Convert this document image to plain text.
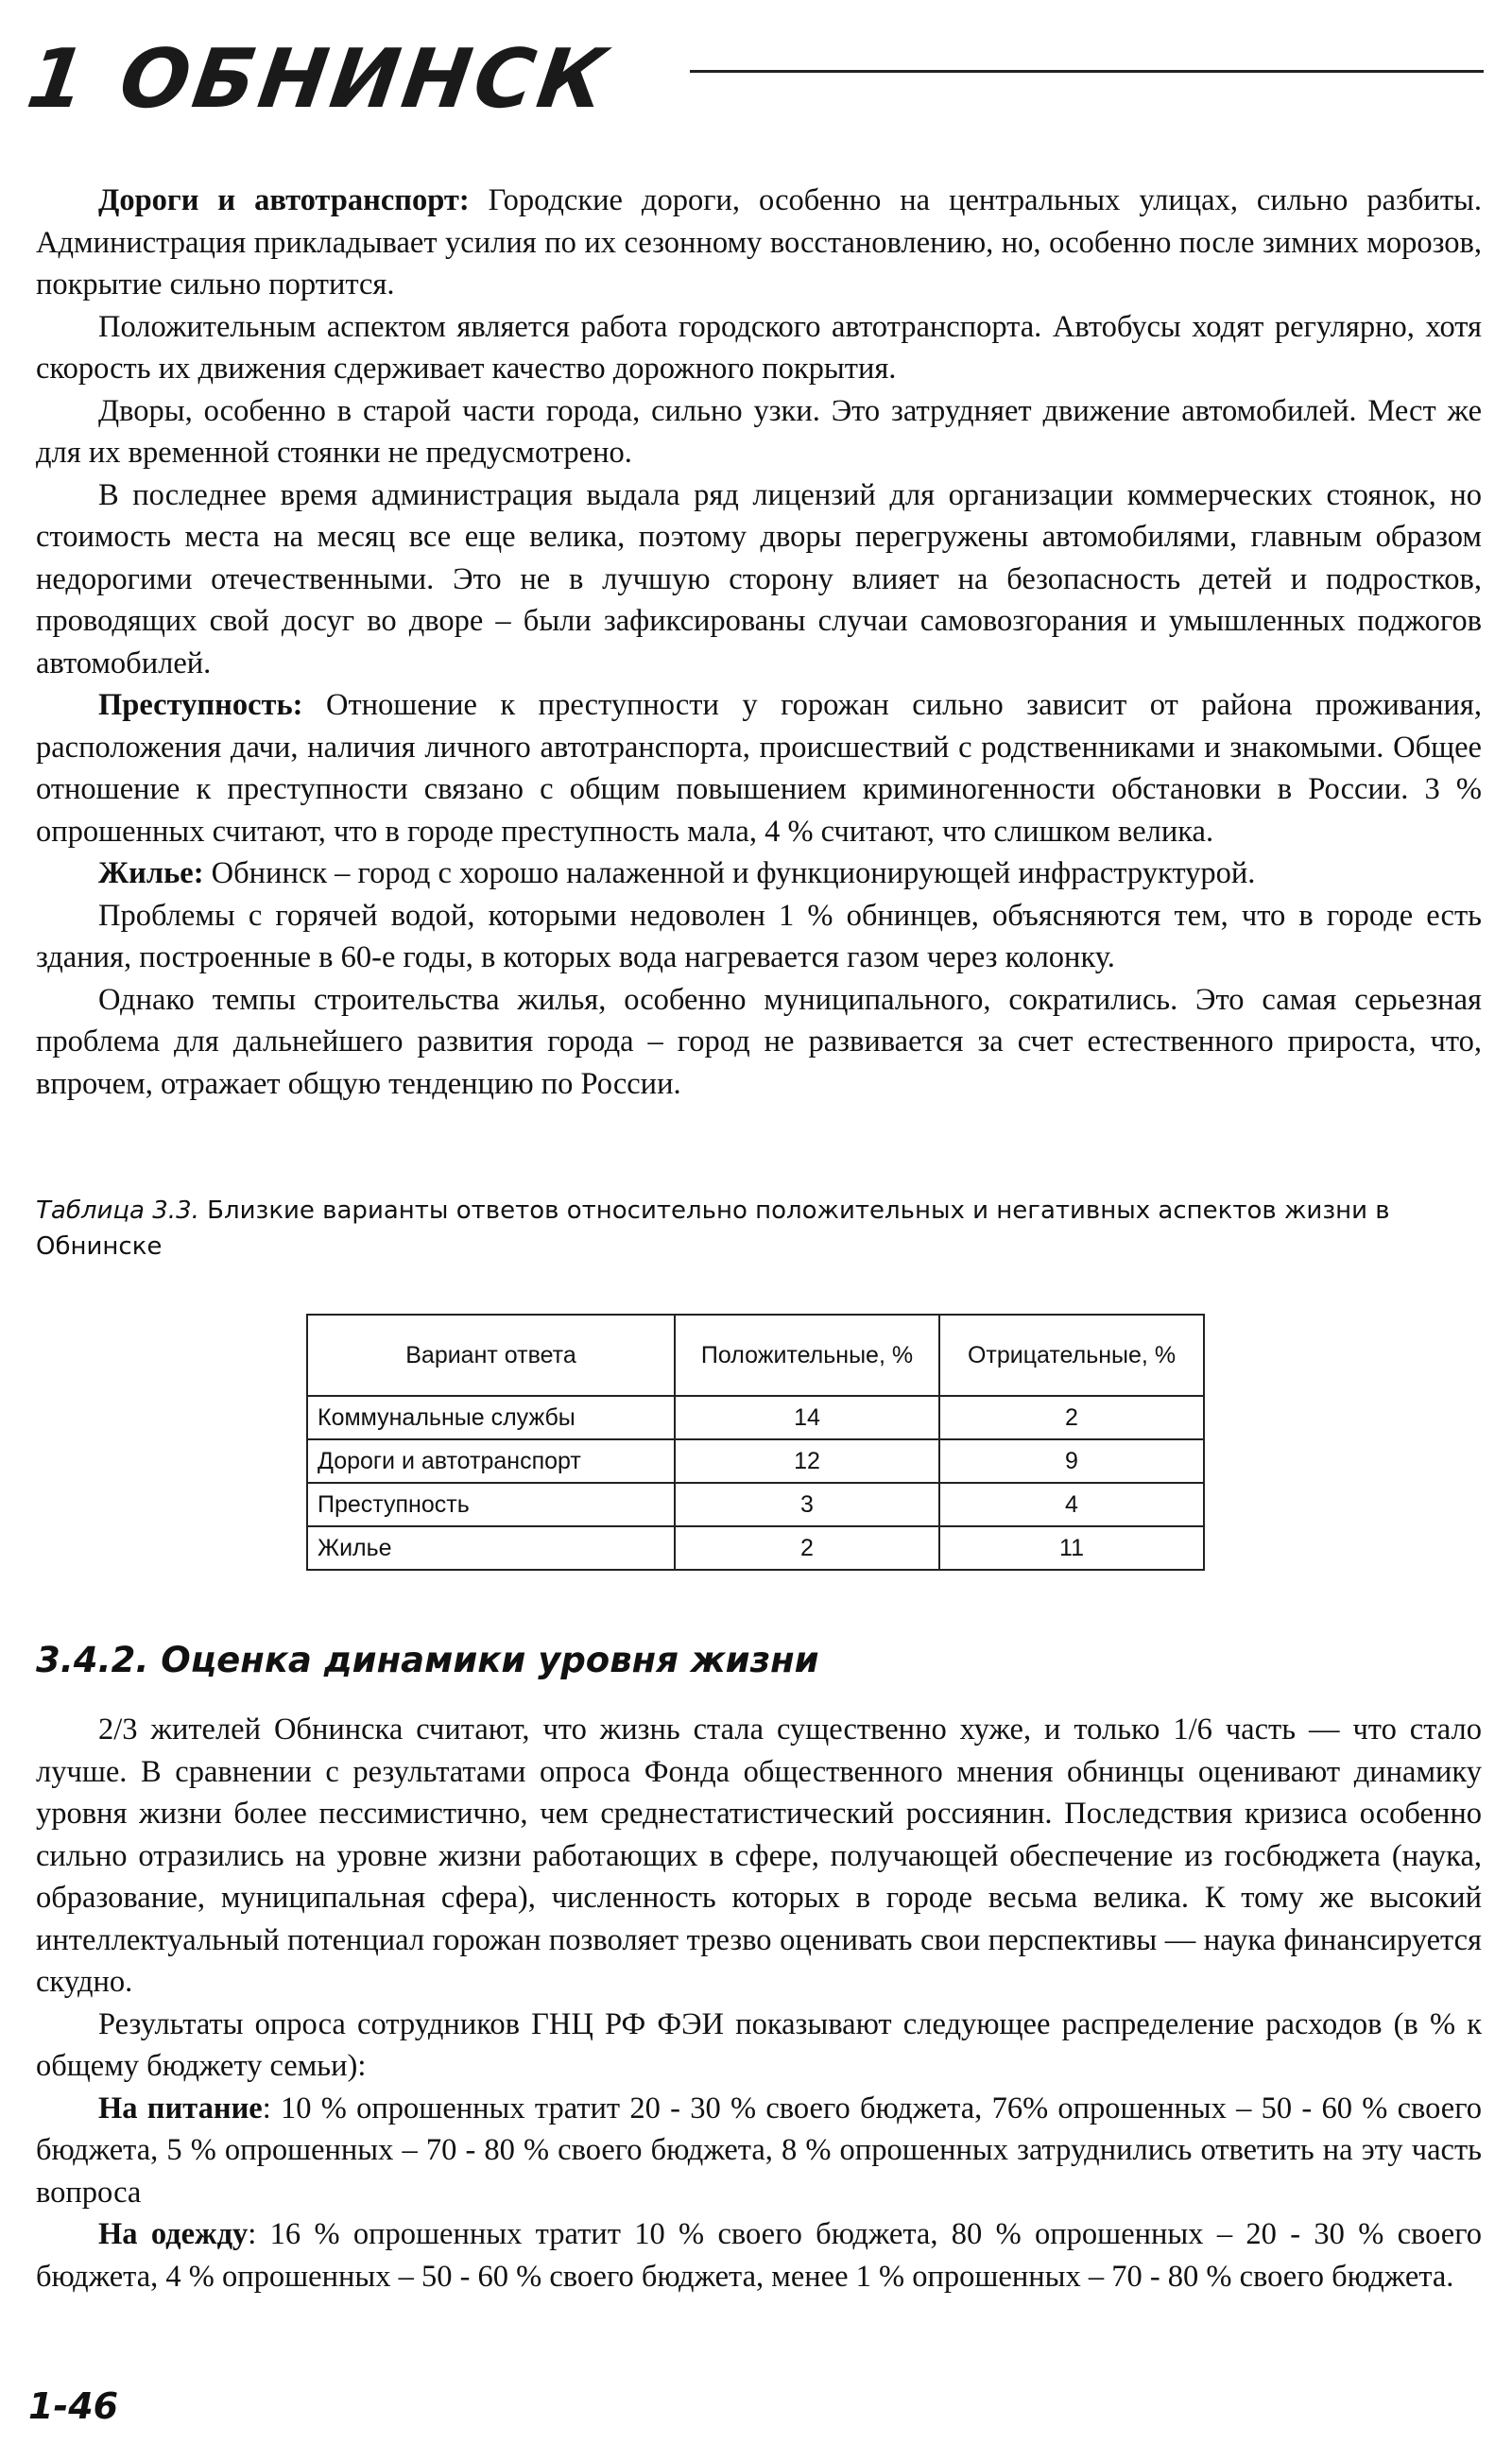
1 ОБНИНСК

Дороги и автотранспорт: Городские дороги, особенно на центральных улицах, сильно разбиты. Администрация прикладывает усилия по их сезонному восстановлению, но, особенно после зимних морозов, покрытие сильно портится.

Положительным аспектом является работа городского автотранспорта. Автобусы ходят регулярно, хотя скорость их движения сдерживает качество дорожного покрытия.

Дворы, особенно в старой части города, сильно узки. Это затрудняет движение автомобилей. Мест же для их временной стоянки не предусмотрено.

В последнее время администрация выдала ряд лицензий для организации коммерческих стоянок, но стоимость места на месяц все еще велика, поэтому дворы перегружены автомобилями, главным образом недорогими отечественными. Это не в лучшую сторону влияет на безопасность детей и подростков, проводящих свой досуг во дворе – были зафиксированы случаи самовозгорания и умышленных поджогов автомобилей.

Преступность: Отношение к преступности у горожан сильно зависит от района проживания, расположения дачи, наличия личного автотранспорта, происшествий с родственниками и знакомыми. Общее отношение к преступности связано с общим повышением криминогенности обстановки в России. 3 % опрошенных считают, что в городе преступность мала, 4 % считают, что слишком велика.

Жилье: Обнинск – город с хорошо налаженной и функционирующей инфраструктурой.

Проблемы с горячей водой, которыми недоволен 1 % обнинцев, объясняются тем, что в городе есть здания, построенные в 60-е годы, в которых вода нагревается газом через колонку.

Однако темпы строительства жилья, особенно муниципального, сократились. Это самая серьезная проблема для дальнейшего развития города – город не развивается за счет естественного прироста, что, впрочем, отражает общую тенденцию по России.

Таблица 3.3. Близкие варианты ответов относительно положительных и негативных аспектов жизни в Обнинске
Вариант ответа	Положительные, %	Отрицательные, %
Коммунальные службы	14	2
Дороги и автотранспорт	12	9
Преступность	3	4
Жилье	2	11
3.4.2. Оценка динамики уровня жизни

2/3 жителей Обнинска считают, что жизнь стала существенно хуже, и только 1/6 часть — что стало лучше. В сравнении с результатами опроса Фонда общественного мнения обнинцы оценивают динамику уровня жизни более пессимистично, чем среднестатистический россиянин. Последствия кризиса особенно сильно отразились на уровне жизни работающих в сфере, получающей обеспечение из госбюджета (наука, образование, муниципальная сфера), численность которых в городе весьма велика. К тому же высокий интеллектуальный потенциал горожан позволяет трезво оценивать свои перспективы — наука финансируется скудно.

Результаты опроса сотрудников ГНЦ РФ ФЭИ показывают следующее распределение расходов (в % к общему бюджету семьи):

На питание: 10 % опрошенных тратит 20 - 30 % своего бюджета, 76% опрошенных – 50 - 60 % своего бюджета, 5 % опрошенных – 70 - 80 % своего бюджета, 8 % опрошенных затруднились ответить на эту часть вопроса

На одежду: 16 % опрошенных тратит 10 % своего бюджета, 80 % опрошенных – 20 - 30 % своего бюджета, 4 % опрошенных – 50 - 60 % своего бюджета, менее 1 % опрошенных – 70 - 80 % своего бюджета.

1-46
